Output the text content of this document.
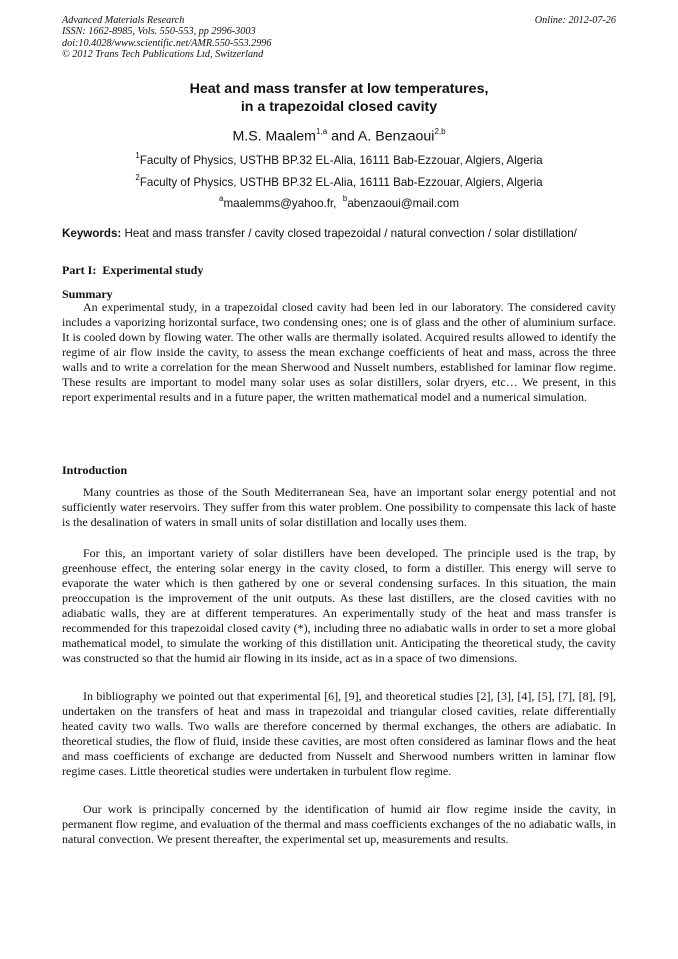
Advanced Materials Research
ISSN: 1662-8985, Vols. 550-553, pp 2996-3003
doi:10.4028/www.scientific.net/AMR.550-553.2996
© 2012 Trans Tech Publications Ltd, Switzerland
Online: 2012-07-26
Heat and mass transfer at low temperatures,
in a trapezoidal closed cavity
M.S. Maalem$^{1,a}$ and A. Benzaoui$^{2,b}$
$^1$Faculty of Physics, USTHB BP.32 EL-Alia, 16111 Bab-Ezzouar, Algiers, Algeria
$^2$Faculty of Physics, USTHB BP.32 EL-Alia, 16111 Bab-Ezzouar, Algiers, Algeria
$^a$maalemms@yahoo.fr, $^b$abenzaoui@mail.com
Keywords: Heat and mass transfer / cavity closed trapezoidal / natural convection / solar distillation/
Part I:  Experimental study
Summary

An experimental study, in a trapezoidal closed cavity had been led in our laboratory. The considered cavity includes a vaporizing horizontal surface, two condensing ones; one is of glass and the other of aluminium surface. It is cooled down by flowing water. The other walls are thermally isolated. Acquired results allowed to identify the regime of air flow inside the cavity, to assess the mean exchange coefficients of heat and mass, across the three walls and to write a correlation for the mean Sherwood and Nusselt numbers, established for laminar flow regime. These results are important to model many solar uses as solar distillers, solar dryers, etc… We present, in this report experimental results and in a future paper, the written mathematical model and a numerical simulation.

Introduction

Many countries as those of the South Mediterranean Sea, have an important solar energy potential and not sufficiently water reservoirs. They suffer from this water problem. One possibility to compensate this lack of haste is the desalination of waters in small units of solar distillation and locally uses them.

For this, an important variety of solar distillers have been developed. The principle used is the trap, by greenhouse effect, the entering solar energy in the cavity closed, to form a distiller. This energy will serve to evaporate the water which is then gathered by one or several condensing surfaces. In this situation, the main preoccupation is the improvement of the unit outputs. As these last distillers, are the closed cavities with no adiabatic walls, they are at different temperatures. An experimentally study of the heat and mass transfer is recommended for this trapezoidal closed cavity (*), including three no adiabatic walls in order to set a more global mathematical model, to simulate the working of this distillation unit. Anticipating the theoretical study, the cavity was constructed so that the humid air flowing in its inside, act as in a space of two dimensions.

In bibliography we pointed out that experimental [6], [9], and theoretical studies [2], [3], [4], [5], [7], [8], [9], undertaken on the transfers of heat and mass in trapezoidal and triangular closed cavities, relate differentially heated cavity two walls. Two walls are therefore concerned by thermal exchanges, the others are adiabatic. In theoretical studies, the flow of fluid, inside these cavities, are most often considered as laminar flows and the heat and mass coefficients of exchange are deducted from Nusselt and Sherwood numbers written in laminar flow regime cases. Little theoretical studies were undertaken in turbulent flow regime.

Our work is principally concerned by the identification of humid air flow regime inside the cavity, in permanent flow regime, and evaluation of the thermal and mass coefficients exchanges of the no adiabatic walls, in natural convection. We present thereafter, the experimental set up, measurements and results.
